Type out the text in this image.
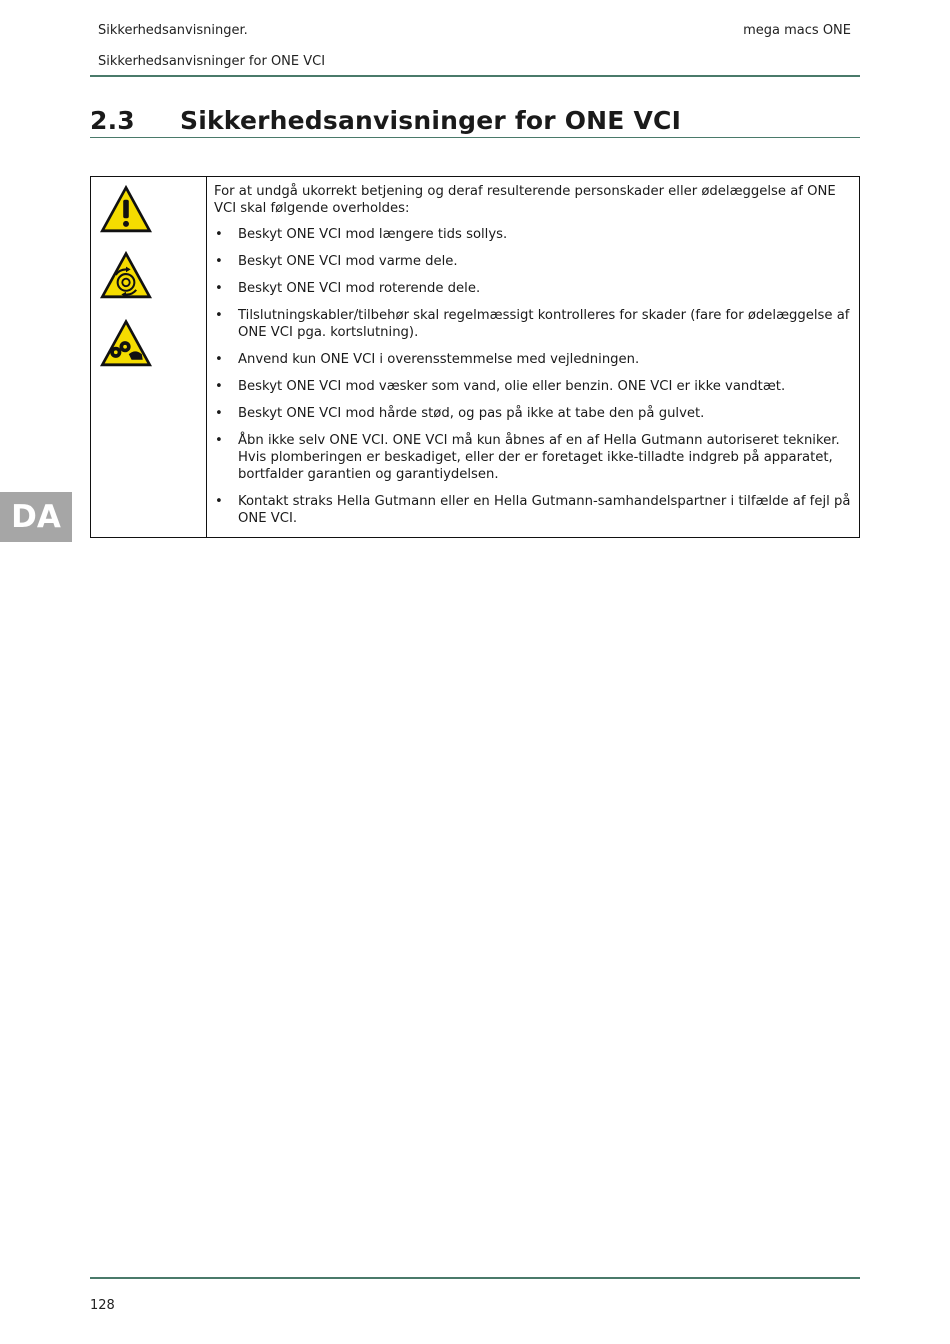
Sikkerhedsanvisninger.	mega macs ONE
Sikkerhedsanvisninger for ONE VCI
2.3 Sikkerhedsanvisninger for ONE VCI

For at undgå ukorrekt betjening og deraf resulterende personskader eller ødelæggelse af ONE VCI skal følgende overholdes:

• Beskyt ONE VCI mod længere tids sollys.
• Beskyt ONE VCI mod varme dele.
• Beskyt ONE VCI mod roterende dele.
• Tilslutningskabler/tilbehør skal regelmæssigt kontrolleres for skader (fare for ødelæggelse af ONE VCI pga. kortslutning).
• Anvend kun ONE VCI i overensstemmelse med vejledningen.
• Beskyt ONE VCI mod væsker som vand, olie eller benzin. ONE VCI er ikke vandtæt.
• Beskyt ONE VCI mod hårde stød, og pas på ikke at tabe den på gulvet.
• Åbn ikke selv ONE VCI. ONE VCI må kun åbnes af en af Hella Gutmann autoriseret tekniker. Hvis plomberingen er beskadiget, eller der er foretaget ikke-tilladte indgreb på apparatet, bortfalder garantien og garantiydelsen.
• Kontakt straks Hella Gutmann eller en Hella Gutmann-samhandelspartner i tilfælde af fejl på ONE VCI.
DA
128
